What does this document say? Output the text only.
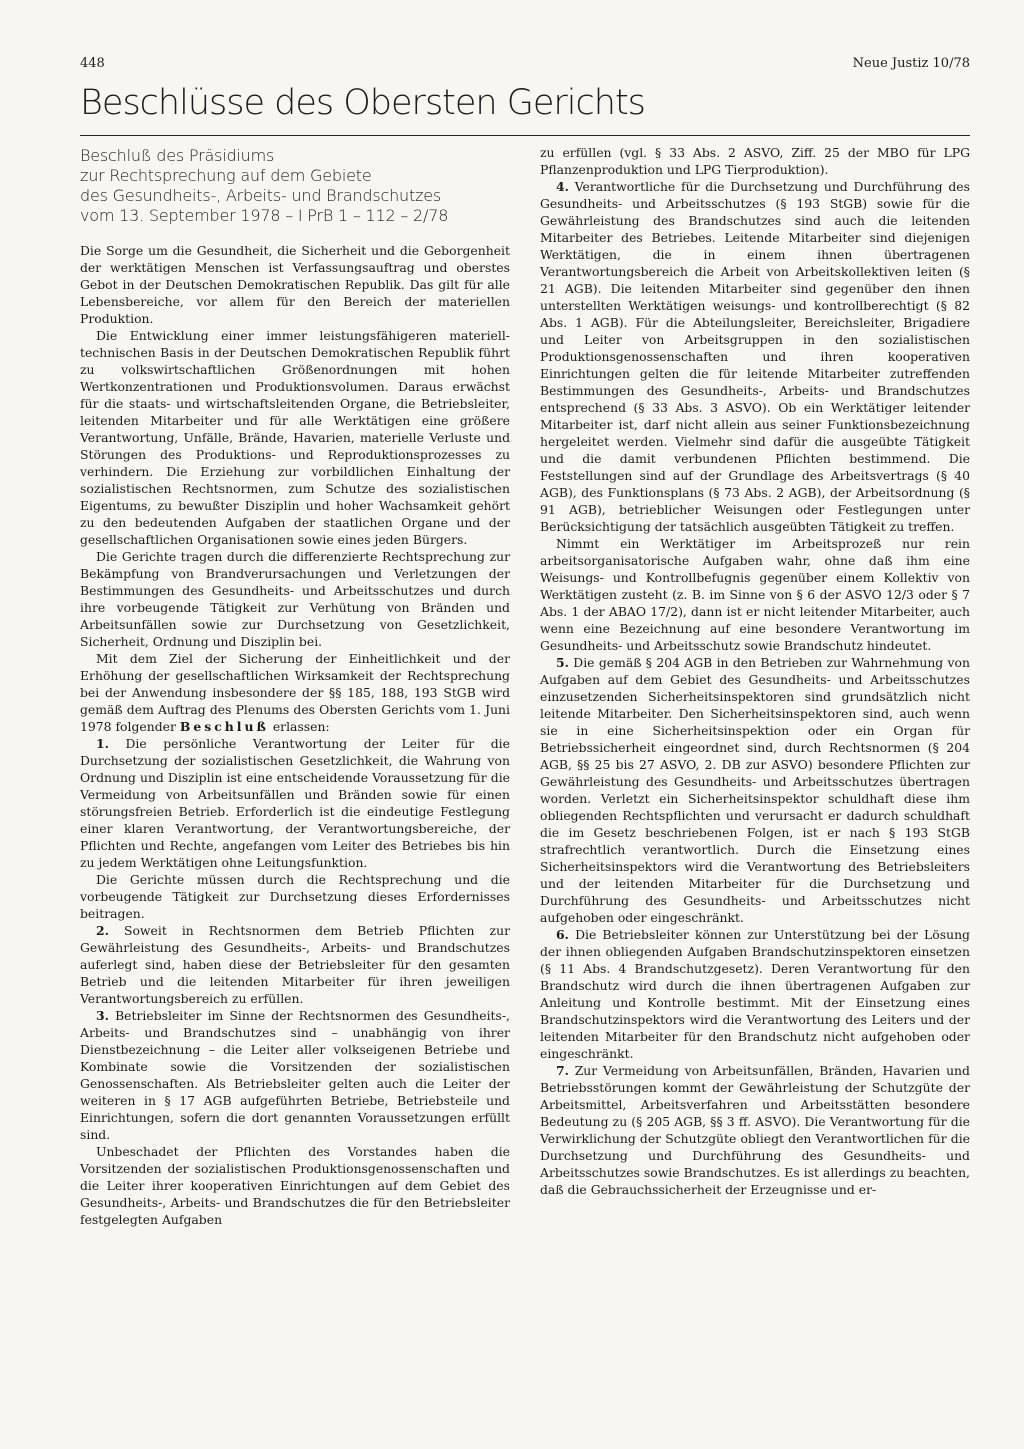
448	Neue Justiz 10/78
Beschlüsse des Obersten Gerichts
Beschluß des Präsidiums
zur Rechtsprechung auf dem Gebiete
des Gesundheits-, Arbeits- und Brandschutzes
vom 13. September 1978 – I PrB 1 – 112 – 2/78

Die Sorge um die Gesundheit, die Sicherheit und die Geborgenheit der werktätigen Menschen ist Verfassungsauftrag und oberstes Gebot in der Deutschen Demokratischen Republik. Das gilt für alle Lebensbereiche, vor allem für den Bereich der materiellen Produktion.

Die Entwicklung einer immer leistungsfähigeren materiell-technischen Basis in der Deutschen Demokratischen Republik führt zu volkswirtschaftlichen Größenordnungen mit hohen Wertkonzentrationen und Produktionsvolumen. Daraus erwächst für die staats- und wirtschaftsleitenden Organe, die Betriebsleiter, leitenden Mitarbeiter und für alle Werktätigen eine größere Verantwortung, Unfälle, Brände, Havarien, materielle Verluste und Störungen des Produktions- und Reproduktionsprozesses zu verhindern. Die Erziehung zur vorbildlichen Einhaltung der sozialistischen Rechtsnormen, zum Schutze des sozialistischen Eigentums, zu bewußter Disziplin und hoher Wachsamkeit gehört zu den bedeutenden Aufgaben der staatlichen Organe und der gesellschaftlichen Organisationen sowie eines jeden Bürgers.

Die Gerichte tragen durch die differenzierte Rechtsprechung zur Bekämpfung von Brandverursachungen und Verletzungen der Bestimmungen des Gesundheits- und Arbeitsschutzes und durch ihre vorbeugende Tätigkeit zur Verhütung von Bränden und Arbeitsunfällen sowie zur Durchsetzung von Gesetzlichkeit, Sicherheit, Ordnung und Disziplin bei.

Mit dem Ziel der Sicherung der Einheitlichkeit und der Erhöhung der gesellschaftlichen Wirksamkeit der Rechtsprechung bei der Anwendung insbesondere der §§ 185, 188, 193 StGB wird gemäß dem Auftrag des Plenums des Obersten Gerichts vom 1. Juni 1978 folgender Beschluß erlassen:

1. Die persönliche Verantwortung der Leiter für die Durchsetzung der sozialistischen Gesetzlichkeit, die Wahrung von Ordnung und Disziplin ist eine entscheidende Voraussetzung für die Vermeidung von Arbeitsunfällen und Bränden sowie für einen störungsfreien Betrieb. Erforderlich ist die eindeutige Festlegung einer klaren Verantwortung, der Verantwortungsbereiche, der Pflichten und Rechte, angefangen vom Leiter des Betriebes bis hin zu jedem Werktätigen ohne Leitungsfunktion.

Die Gerichte müssen durch die Rechtsprechung und die vorbeugende Tätigkeit zur Durchsetzung dieses Erfordernisses beitragen.

2. Soweit in Rechtsnormen dem Betrieb Pflichten zur Gewährleistung des Gesundheits-, Arbeits- und Brandschutzes auferlegt sind, haben diese der Betriebsleiter für den gesamten Betrieb und die leitenden Mitarbeiter für ihren jeweiligen Verantwortungsbereich zu erfüllen.

3. Betriebsleiter im Sinne der Rechtsnormen des Gesundheits-, Arbeits- und Brandschutzes sind – unabhängig von ihrer Dienstbezeichnung – die Leiter aller volkseigenen Betriebe und Kombinate sowie die Vorsitzenden der sozialistischen Genossenschaften. Als Betriebsleiter gelten auch die Leiter der weiteren in § 17 AGB aufgeführten Betriebe, Betriebsteile und Einrichtungen, sofern die dort genannten Voraussetzungen erfüllt sind.

Unbeschadet der Pflichten des Vorstandes haben die Vorsitzenden der sozialistischen Produktionsgenossenschaften und die Leiter ihrer kooperativen Einrichtungen auf dem Gebiet des Gesundheits-, Arbeits- und Brandschutzes die für den Betriebsleiter festgelegten Aufgaben

zu erfüllen (vgl. § 33 Abs. 2 ASVO, Ziff. 25 der MBO für LPG Pflanzenproduktion und LPG Tierproduktion).

4. Verantwortliche für die Durchsetzung und Durchführung des Gesundheits- und Arbeitsschutzes (§ 193 StGB) sowie für die Gewährleistung des Brandschutzes sind auch die leitenden Mitarbeiter des Betriebes. Leitende Mitarbeiter sind diejenigen Werktätigen, die in einem ihnen übertragenen Verantwortungsbereich die Arbeit von Arbeitskollektiven leiten (§ 21 AGB). Die leitenden Mitarbeiter sind gegenüber den ihnen unterstellten Werktätigen weisungs- und kontrollberechtigt (§ 82 Abs. 1 AGB). Für die Abteilungsleiter, Bereichsleiter, Brigadiere und Leiter von Arbeitsgruppen in den sozialistischen Produktionsgenossenschaften und ihren kooperativen Einrichtungen gelten die für leitende Mitarbeiter zutreffenden Bestimmungen des Gesundheits-, Arbeits- und Brandschutzes entsprechend (§ 33 Abs. 3 ASVO). Ob ein Werktätiger leitender Mitarbeiter ist, darf nicht allein aus seiner Funktionsbezeichnung hergeleitet werden. Vielmehr sind dafür die ausgeübte Tätigkeit und die damit verbundenen Pflichten bestimmend. Die Feststellungen sind auf der Grundlage des Arbeitsvertrags (§ 40 AGB), des Funktionsplans (§ 73 Abs. 2 AGB), der Arbeitsordnung (§ 91 AGB), betrieblicher Weisungen oder Festlegungen unter Berücksichtigung der tatsächlich ausgeübten Tätigkeit zu treffen.

Nimmt ein Werktätiger im Arbeitsprozeß nur rein arbeitsorganisatorische Aufgaben wahr, ohne daß ihm eine Weisungs- und Kontrollbefugnis gegenüber einem Kollektiv von Werktätigen zusteht (z. B. im Sinne von § 6 der ASVO 12/3 oder § 7 Abs. 1 der ABAO 17/2), dann ist er nicht leitender Mitarbeiter, auch wenn eine Bezeichnung auf eine besondere Verantwortung im Gesundheits- und Arbeitsschutz sowie Brandschutz hindeutet.

5. Die gemäß § 204 AGB in den Betrieben zur Wahrnehmung von Aufgaben auf dem Gebiet des Gesundheits- und Arbeitsschutzes einzusetzenden Sicherheitsinspektoren sind grundsätzlich nicht leitende Mitarbeiter. Den Sicherheitsinspektoren sind, auch wenn sie in eine Sicherheitsinspektion oder ein Organ für Betriebssicherheit eingeordnet sind, durch Rechtsnormen (§ 204 AGB, §§ 25 bis 27 ASVO, 2. DB zur ASVO) besondere Pflichten zur Gewährleistung des Gesundheits- und Arbeitsschutzes übertragen worden. Verletzt ein Sicherheitsinspektor schuldhaft diese ihm obliegenden Rechtspflichten und verursacht er dadurch schuldhaft die im Gesetz beschriebenen Folgen, ist er nach § 193 StGB strafrechtlich verantwortlich. Durch die Einsetzung eines Sicherheitsinspektors wird die Verantwortung des Betriebsleiters und der leitenden Mitarbeiter für die Durchsetzung und Durchführung des Gesundheits- und Arbeitsschutzes nicht aufgehoben oder eingeschränkt.

6. Die Betriebsleiter können zur Unterstützung bei der Lösung der ihnen obliegenden Aufgaben Brandschutzinspektoren einsetzen (§ 11 Abs. 4 Brandschutzgesetz). Deren Verantwortung für den Brandschutz wird durch die ihnen übertragenen Aufgaben zur Anleitung und Kontrolle bestimmt. Mit der Einsetzung eines Brandschutzinspektors wird die Verantwortung des Leiters und der leitenden Mitarbeiter für den Brandschutz nicht aufgehoben oder eingeschränkt.

7. Zur Vermeidung von Arbeitsunfällen, Bränden, Havarien und Betriebsstörungen kommt der Gewährleistung der Schutzgüte der Arbeitsmittel, Arbeitsverfahren und Arbeitsstätten besondere Bedeutung zu (§ 205 AGB, §§ 3 ff. ASVO). Die Verantwortung für die Verwirklichung der Schutzgüte obliegt den Verantwortlichen für die Durchsetzung und Durchführung des Gesundheits- und Arbeitsschutzes sowie Brandschutzes. Es ist allerdings zu beachten, daß die Gebrauchssicherheit der Erzeugnisse und er-
